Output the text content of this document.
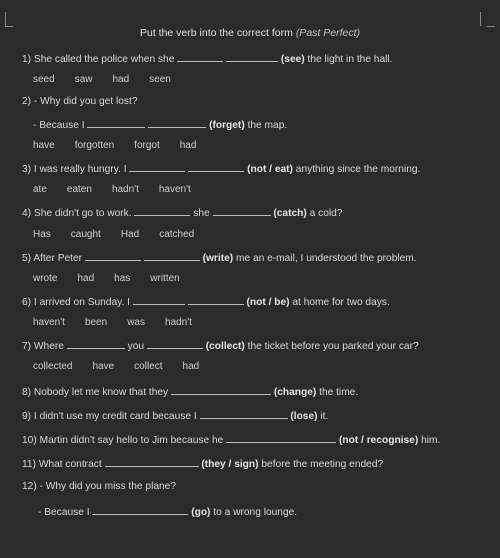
Put the verb into the correct form (Past Perfect)
1) She called the police when she	(see) the light in the hall.
seed saw had seen
2) - Why did you get lost?
- Because I	(forget) the map.
have forgotten forgot had
3) I was really hungry. I	(not / eat) anything since the morning.
ate eaten hadn't haven't
4) She didn't go to work.	she	(catch) a cold?
Has caught Had catched
5) After Peter	(write) me an e-mail, I understood the problem.
wrote had has written
6) I arrived on Sunday. I	(not / be) at home for two days.
haven't been was hadn't
7) Where	you	(collect) the ticket before you parked your car?
collected have collect had
8) Nobody let me know that they	(change) the time.
9) I didn't use my credit card because I	(lose) it.
10) Martin didn't say hello to Jim because he	(not / recognise) him.
11) What contract	(they / sign) before the meeting ended?
12) - Why did you miss the plane?
- Because I	(go) to a wrong lounge.
